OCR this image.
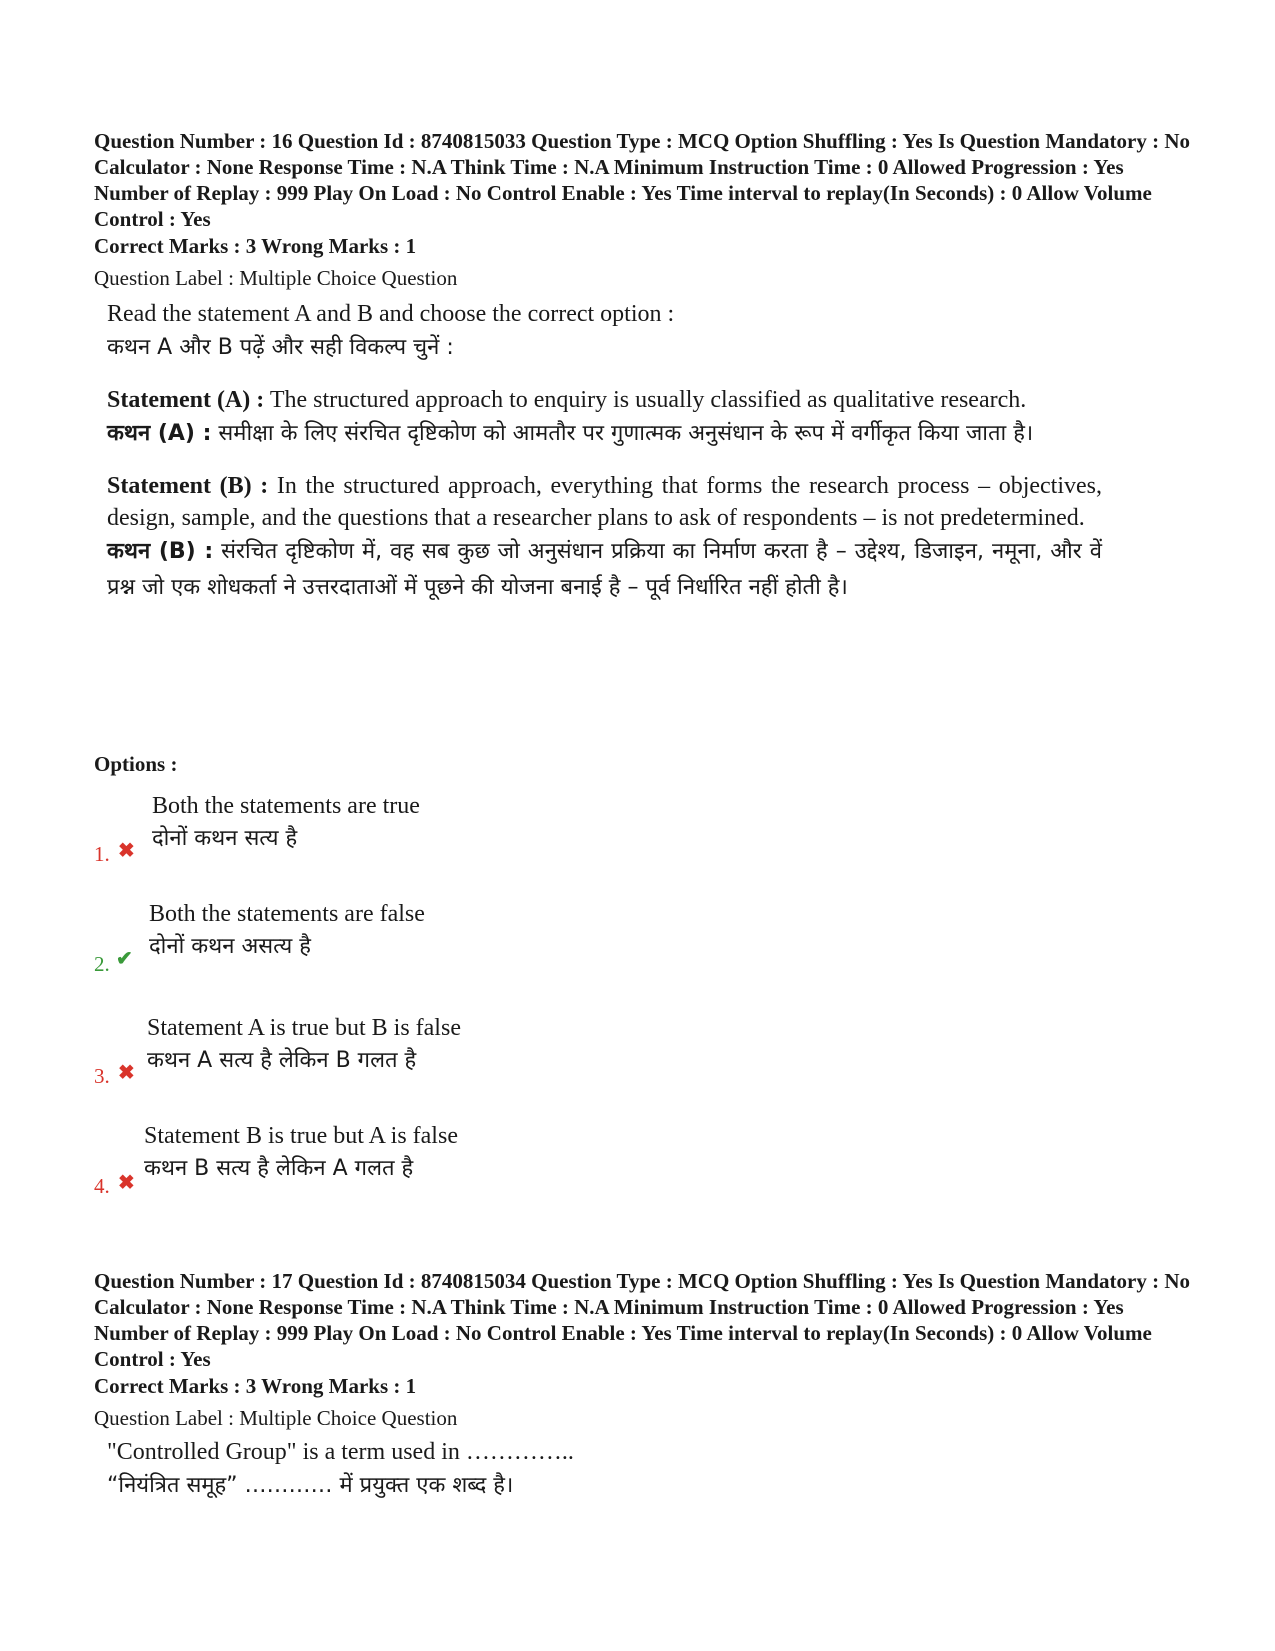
Question Number : 16 Question Id : 8740815033 Question Type : MCQ Option Shuffling : Yes Is Question Mandatory : No Calculator : None Response Time : N.A Think Time : N.A Minimum Instruction Time : 0 Allowed Progression : Yes Number of Replay : 999 Play On Load : No Control Enable : Yes Time interval to replay(In Seconds) : 0 Allow Volume Control : Yes
Correct Marks : 3 Wrong Marks : 1
Question Label : Multiple Choice Question

Read the statement A and B and choose the correct option :

कथन A और B पढ़ें और सही विकल्प चुनें :

Statement (A) : The structured approach to enquiry is usually classified as qualitative research.

कथन (A) : समीक्षा के लिए संरचित दृष्टिकोण को आमतौर पर गुणात्मक अनुसंधान के रूप में वर्गीकृत किया जाता है।

Statement (B) : In the structured approach, everything that forms the research process – objectives, design, sample, and the questions that a researcher plans to ask of respondents – is not predetermined.

कथन (B) : संरचित दृष्टिकोण में, वह सब कुछ जो अनुसंधान प्रक्रिया का निर्माण करता है – उद्देश्य, डिजाइन, नमूना, और वें प्रश्न जो एक शोधकर्ता ने उत्तरदाताओं में पूछने की योजना बनाई है – पूर्व निर्धारित नहीं होती है।

Options :
Both the statements are true
दोनों कथन सत्य है
1. ✖
Both the statements are false
दोनों कथन असत्य है
2. ✔
Statement A is true but B is false
कथन A सत्य है लेकिन B गलत है
3. ✖
Statement B is true but A is false
कथन B सत्य है लेकिन A गलत है
4. ✖
Question Number : 17 Question Id : 8740815034 Question Type : MCQ Option Shuffling : Yes Is Question Mandatory : No Calculator : None Response Time : N.A Think Time : N.A Minimum Instruction Time : 0 Allowed Progression : Yes Number of Replay : 999 Play On Load : No Control Enable : Yes Time interval to replay(In Seconds) : 0 Allow Volume Control : Yes
Correct Marks : 3 Wrong Marks : 1
Question Label : Multiple Choice Question

"Controlled Group" is a term used in …………..

“नियंत्रित समूह” ………… में प्रयुक्त एक शब्द है।
